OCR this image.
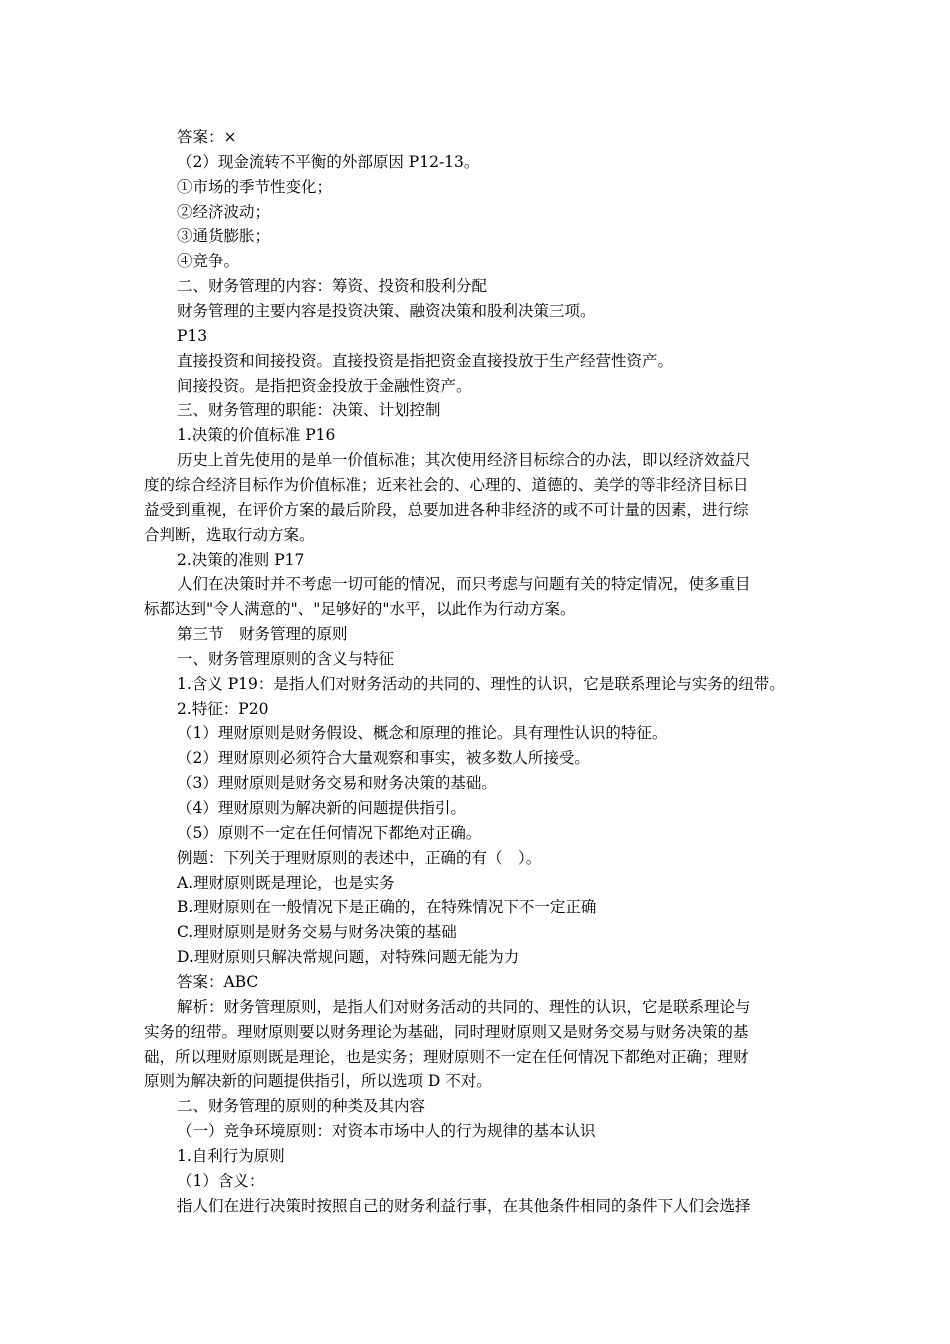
答案：×
（2）现金流转不平衡的外部原因 P12-13。
①市场的季节性变化；
②经济波动；
③通货膨胀；
④竞争。
二、财务管理的内容：筹资、投资和股利分配
财务管理的主要内容是投资决策、融资决策和股利决策三项。
P13
直接投资和间接投资。直接投资是指把资金直接投放于生产经营性资产。
间接投资。是指把资金投放于金融性资产。
三、财务管理的职能：决策、计划控制
1.决策的价值标准 P16
历史上首先使用的是单一价值标准；其次使用经济目标综合的办法，即以经济效益尺
度的综合经济目标作为价值标准；近来社会的、心理的、道德的、美学的等非经济目标日
益受到重视，在评价方案的最后阶段，总要加进各种非经济的或不可计量的因素，进行综
合判断，选取行动方案。
2.决策的准则 P17
人们在决策时并不考虑一切可能的情况，而只考虑与问题有关的特定情况，使多重目
标都达到"令人满意的"、"足够好的"水平，以此作为行动方案。
第三节　财务管理的原则
一、财务管理原则的含义与特征
1.含义 P19：是指人们对财务活动的共同的、理性的认识，它是联系理论与实务的纽带。
2.特征：P20
（1）理财原则是财务假设、概念和原理的推论。具有理性认识的特征。
（2）理财原则必须符合大量观察和事实，被多数人所接受。
（3）理财原则是财务交易和财务决策的基础。
（4）理财原则为解决新的问题提供指引。
（5）原则不一定在任何情况下都绝对正确。
例题：下列关于理财原则的表述中，正确的有（　）。
A.理财原则既是理论，也是实务
B.理财原则在一般情况下是正确的，在特殊情况下不一定正确
C.理财原则是财务交易与财务决策的基础
D.理财原则只解决常规问题，对特殊问题无能为力
答案：ABC
解析：财务管理原则，是指人们对财务活动的共同的、理性的认识，它是联系理论与
实务的纽带。理财原则要以财务理论为基础，同时理财原则又是财务交易与财务决策的基
础，所以理财原则既是理论，也是实务；理财原则不一定在任何情况下都绝对正确；理财
原则为解决新的问题提供指引，所以选项 D 不对。
二、财务管理的原则的种类及其内容
（一）竞争环境原则：对资本市场中人的行为规律的基本认识
1.自利行为原则
（1）含义：
指人们在进行决策时按照自己的财务利益行事，在其他条件相同的条件下人们会选择
